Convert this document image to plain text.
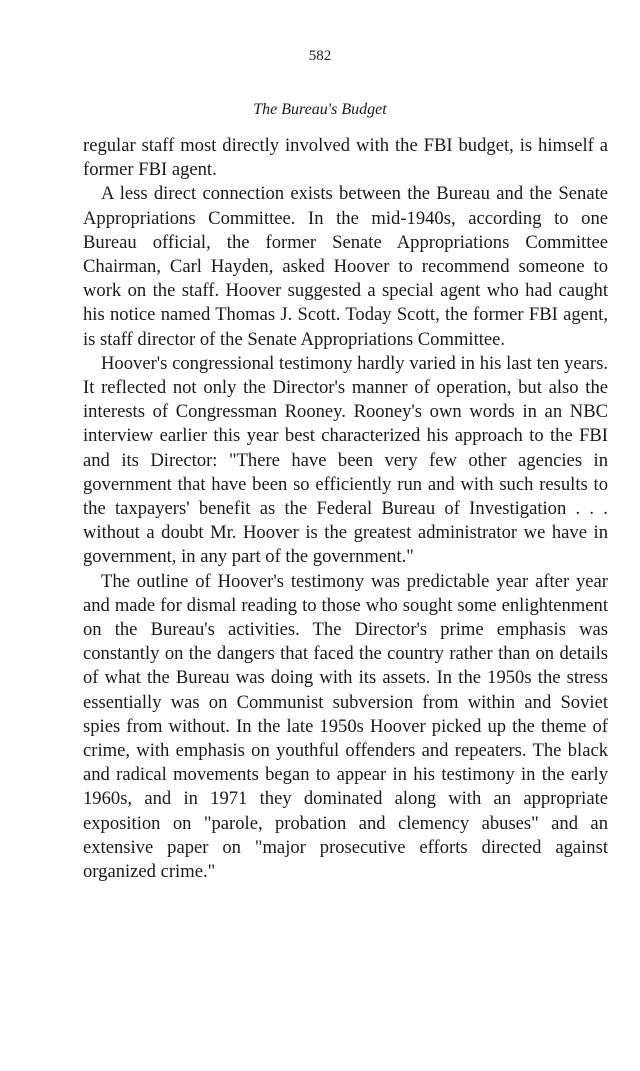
582
The Bureau's Budget

regular staff most directly involved with the FBI budget, is himself a former FBI agent.

A less direct connection exists between the Bureau and the Senate Appropriations Committee. In the mid-1940s, according to one Bureau official, the former Senate Appropriations Committee Chairman, Carl Hayden, asked Hoover to recommend someone to work on the staff. Hoover suggested a special agent who had caught his notice named Thomas J. Scott. Today Scott, the former FBI agent, is staff director of the Senate Appropriations Committee.

Hoover's congressional testimony hardly varied in his last ten years. It reflected not only the Director's manner of operation, but also the interests of Congressman Rooney. Rooney's own words in an NBC interview earlier this year best characterized his approach to the FBI and its Director: "There have been very few other agencies in government that have been so efficiently run and with such results to the taxpayers' benefit as the Federal Bureau of Investigation . . . without a doubt Mr. Hoover is the greatest administrator we have in government, in any part of the government."

The outline of Hoover's testimony was predictable year after year and made for dismal reading to those who sought some enlightenment on the Bureau's activities. The Director's prime emphasis was constantly on the dangers that faced the country rather than on details of what the Bureau was doing with its assets. In the 1950s the stress essentially was on Communist subversion from within and Soviet spies from without. In the late 1950s Hoover picked up the theme of crime, with emphasis on youthful offenders and repeaters. The black and radical movements began to appear in his testimony in the early 1960s, and in 1971 they dominated along with an appropriate exposition on "parole, probation and clemency abuses" and an extensive paper on "major prosecutive efforts directed against organized crime."
